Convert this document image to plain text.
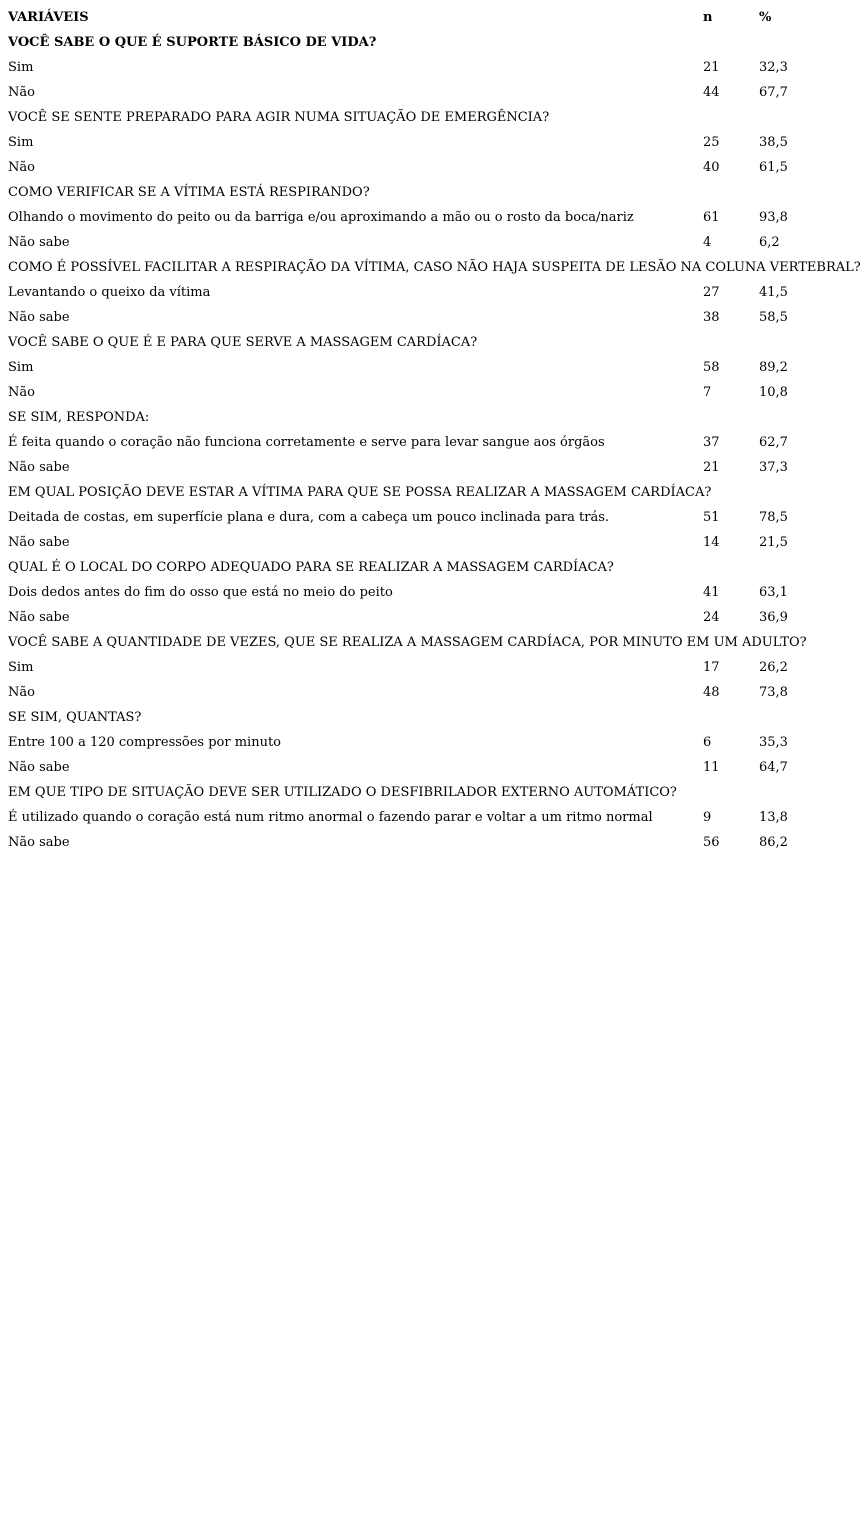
VARIÁVEIS	n	%
VOCÊ SABE O QUE É SUPORTE BÁSICO DE VIDA?
Sim	21	32,3
Não	44	67,7
VOCÊ SE SENTE PREPARADO PARA AGIR NUMA SITUAÇÃO DE EMERGÊNCIA?
Sim	25	38,5
Não	40	61,5
COMO VERIFICAR SE A VÍTIMA ESTÁ RESPIRANDO?
Olhando o movimento do peito ou da barriga e/ou aproximando a mão ou o rosto da boca/nariz	61	93,8
Não sabe	4	6,2
COMO É POSSÍVEL FACILITAR A RESPIRAÇÃO DA VÍTIMA, CASO NÃO HAJA SUSPEITA DE LESÃO NA COLUNA VERTEBRAL?
Levantando o queixo da vítima	27	41,5
Não sabe	38	58,5
VOCÊ SABE O QUE É E PARA QUE SERVE A MASSAGEM CARDÍACA?
Sim	58	89,2
Não	7	10,8
SE SIM, RESPONDA:
É feita quando o coração não funciona corretamente e serve para levar sangue aos órgãos	37	62,7
Não sabe	21	37,3
EM QUAL POSIÇÃO DEVE ESTAR A VÍTIMA PARA QUE SE POSSA REALIZAR A MASSAGEM CARDÍACA?
Deitada de costas, em superfície plana e dura, com a cabeça um pouco inclinada para trás.	51	78,5
Não sabe	14	21,5
QUAL É O LOCAL DO CORPO ADEQUADO PARA SE REALIZAR A MASSAGEM CARDÍACA?
Dois dedos antes do fim do osso que está no meio do peito	41	63,1
Não sabe	24	36,9
VOCÊ SABE A QUANTIDADE DE VEZES, QUE SE REALIZA A MASSAGEM CARDÍACA, POR MINUTO EM UM ADULTO?
Sim	17	26,2
Não	48	73,8
SE SIM, QUANTAS?
Entre 100 a 120 compressões por minuto	6	35,3
Não sabe	11	64,7
EM QUE TIPO DE SITUAÇÃO DEVE SER UTILIZADO O DESFIBRILADOR EXTERNO AUTOMÁTICO?
É utilizado quando o coração está num ritmo anormal o fazendo parar e voltar a um ritmo normal	9	13,8
Não sabe	56	86,2
